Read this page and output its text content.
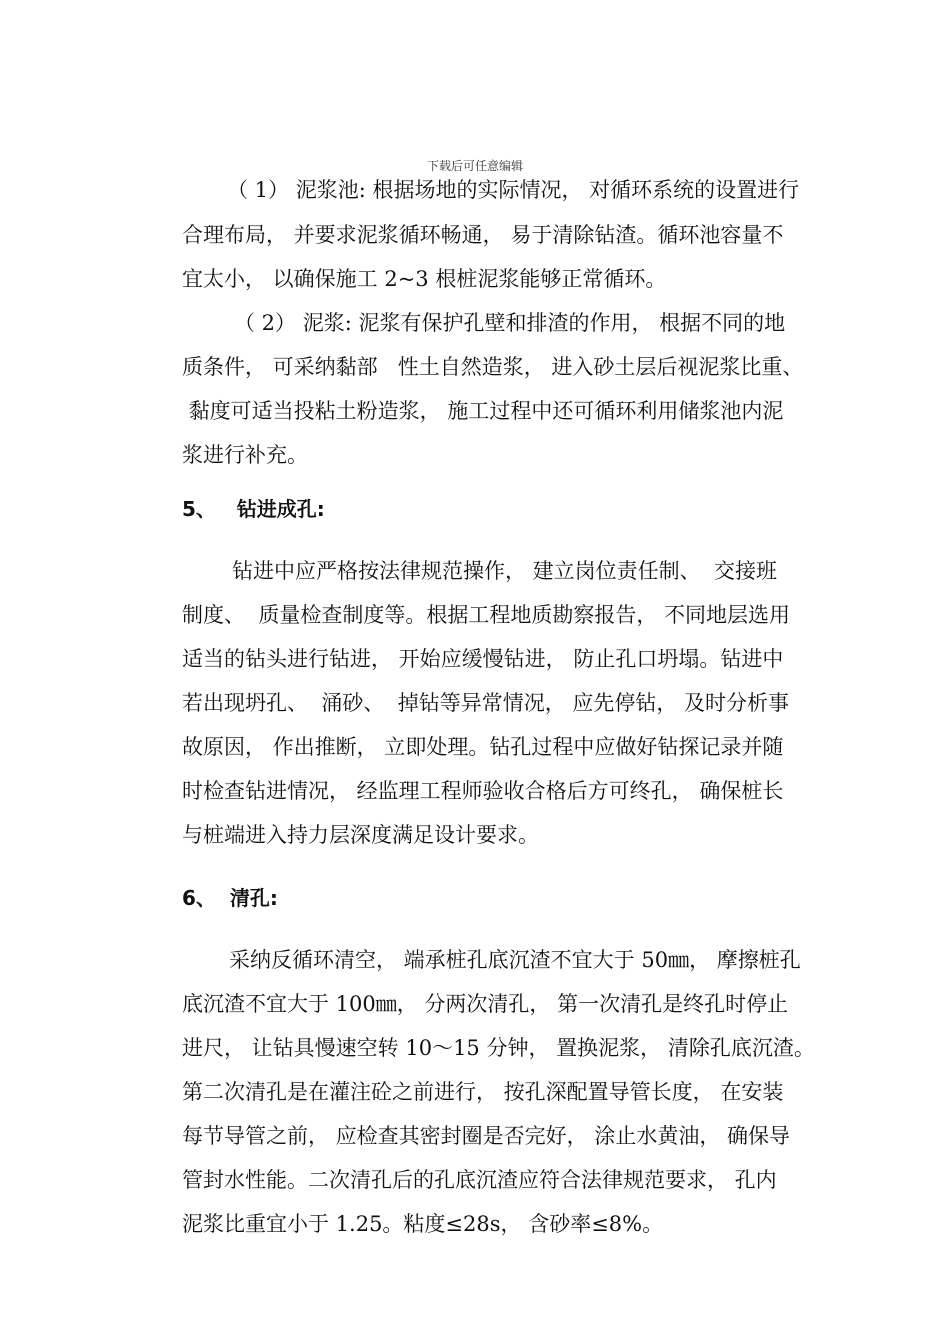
下载后可任意编辑
（ 1） 泥浆池: 根据场地的实际情况， 对循环系统的设置进行
合理布局， 并要求泥浆循环畅通， 易于清除钻渣。循环池容量不
宜太小， 以确保施工 2~3 根桩泥浆能够正常循环。
（ 2） 泥浆: 泥浆有保护孔壁和排渣的作用， 根据不同的地
质条件， 可采纳黏部   性土自然造浆， 进入砂土层后视泥浆比重、
黏度可适当投粘土粉造浆， 施工过程中还可循环利用储浆池内泥
浆进行补充。
5、   钻进成孔:
钻进中应严格按法律规范操作， 建立岗位责任制、  交接班
制度、  质量检查制度等。根据工程地质勘察报告， 不同地层选用
适当的钻头进行钻进， 开始应缓慢钻进， 防止孔口坍塌。钻进中
若出现坍孔、  涌砂、  掉钻等异常情况， 应先停钻， 及时分析事
故原因， 作出推断， 立即处理。钻孔过程中应做好钻探记录并随
时检查钻进情况， 经监理工程师验收合格后方可终孔， 确保桩长
与桩端进入持力层深度满足设计要求。
6、  清孔:
采纳反循环清空， 端承桩孔底沉渣不宜大于 50㎜， 摩擦桩孔
底沉渣不宜大于 100㎜， 分两次清孔， 第一次清孔是终孔时停止
进尺， 让钻具慢速空转 10～15 分钟， 置换泥浆， 清除孔底沉渣。
第二次清孔是在灌注砼之前进行， 按孔深配置导管长度， 在安装
每节导管之前， 应检查其密封圈是否完好， 涂止水黄油， 确保导
管封水性能。二次清孔后的孔底沉渣应符合法律规范要求， 孔内
泥浆比重宜小于 1.25。粘度≤28s， 含砂率≤8%。
